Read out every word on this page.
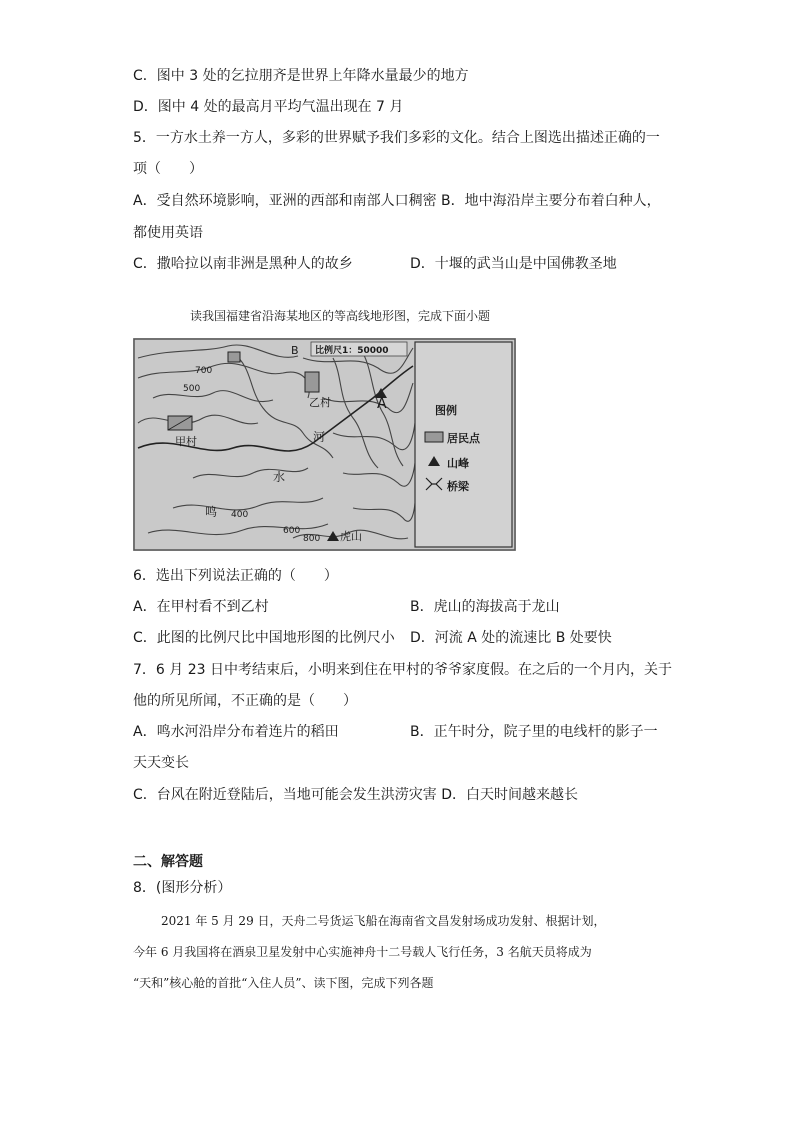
C．图中 3 处的乞拉朋齐是世界上年降水量最少的地方
D．图中 4 处的最高月平均气温出现在 7 月
5．一方水土养一方人，多彩的世界赋予我们多彩的文化。结合上图选出描述正确的一
项（　　）
A．受自然环境影响，亚洲的西部和南部人口稠密 B．地中海沿岸主要分布着白种人，
都使用英语
C．撒哈拉以南非洲是黑种人的故乡	D．十堰的武当山是中国佛教圣地
读我国福建省沿海某地区的等高线地形图，完成下面小题
比例尺1：50000
图例
居民点
山峰
桥梁
甲村
乙村
鸣
水
河
A
B
虎山
700
500
400
600
800
6．选出下列说法正确的（　　）
A．在甲村看不到乙村	B．虎山的海拔高于龙山
C．此图的比例尺比中国地形图的比例尺小 D．河流 A 处的流速比 B 处要快
7．6 月 23 日中考结束后，小明来到住在甲村的爷爷家度假。在之后的一个月内，关于
他的所见所闻，不正确的是（　　）
A．鸣水河沿岸分布着连片的稻田	B．正午时分，院子里的电线杆的影子一
天天变长
C．台风在附近登陆后，当地可能会发生洪涝灾害 D．白天时间越来越长
二、解答题
8．(图形分析）
2021 年 5 月 29 日，天舟二号货运飞船在海南省文昌发射场成功发射、根据计划，
今年 6 月我国将在酒泉卫星发射中心实施神舟十二号载人飞行任务，3 名航天员将成为
“天和”核心舱的首批“入住人员”、读下图，完成下列各题
